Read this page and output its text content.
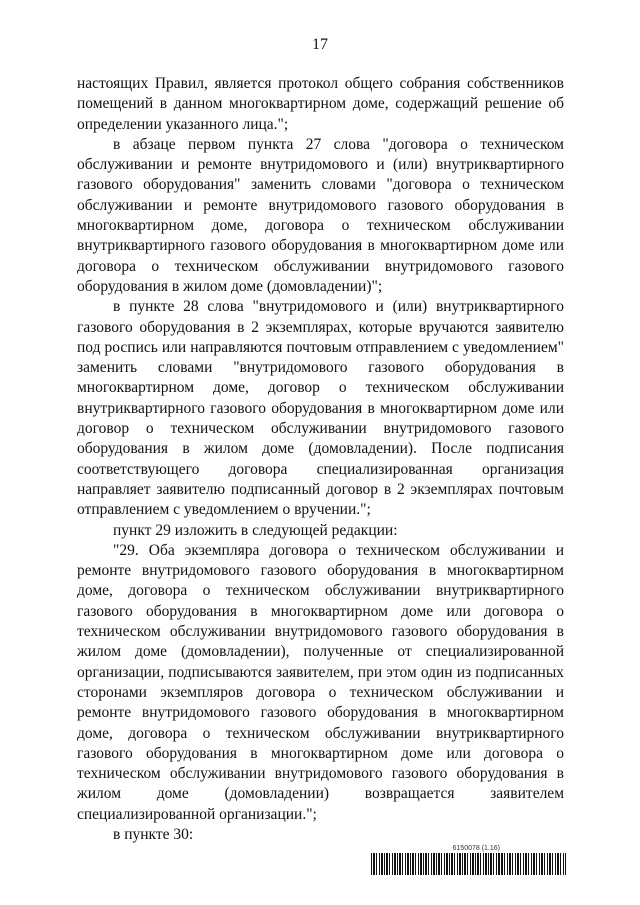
17

настоящих Правил, является протокол общего собрания собственников помещений в данном многоквартирном доме, содержащий решение об определении указанного лица.";

в абзаце первом пункта 27 слова "договора о техническом обслуживании и ремонте внутридомового и (или) внутриквартирного газового оборудования" заменить словами "договора о техническом обслуживании и ремонте внутридомового газового оборудования в многоквартирном доме, договора о техническом обслуживании внутриквартирного газового оборудования в многоквартирном доме или договора о техническом обслуживании внутридомового газового оборудования в жилом доме (домовладении)";

в пункте 28 слова "внутридомового и (или) внутриквартирного газового оборудования в 2 экземплярах, которые вручаются заявителю под роспись или направляются почтовым отправлением с уведомлением" заменить словами "внутридомового газового оборудования в многоквартирном доме, договор о техническом обслуживании внутриквартирного газового оборудования в многоквартирном доме или договор о техническом обслуживании внутридомового газового оборудования в жилом доме (домовладении). После подписания соответствующего договора специализированная организация направляет заявителю подписанный договор в 2 экземплярах почтовым отправлением с уведомлением о вручении.";

пункт 29 изложить в следующей редакции:

"29. Оба экземпляра договора о техническом обслуживании и ремонте внутридомового газового оборудования в многоквартирном доме, договора о техническом обслуживании внутриквартирного газового оборудования в многоквартирном доме или договора о техническом обслуживании внутридомового газового оборудования в жилом доме (домовладении), полученные от специализированной организации, подписываются заявителем, при этом один из подписанных сторонами экземпляров договора о техническом обслуживании и ремонте внутридомового газового оборудования в многоквартирном доме, договора о техническом обслуживании внутриквартирного газового оборудования в многоквартирном доме или договора о техническом обслуживании внутридомового газового оборудования в жилом доме (домовладении) возвращается заявителем специализированной организации.";

в пункте 30:

6150078 (1.16)
